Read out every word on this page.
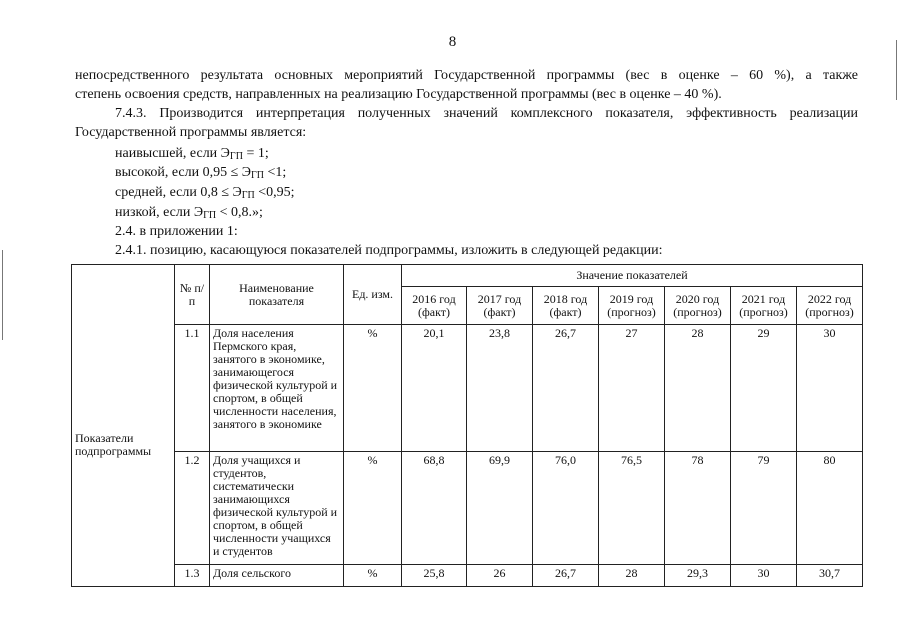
8
непосредственного результата основных мероприятий Государственной программы (вес в оценке – 60 %), а также
степень освоения средств, направленных на реализацию Государственной программы (вес в оценке – 40 %).
7.4.3. Производится интерпретация полученных значений комплексного показателя, эффективность реализации
Государственной программы является:
наивысшей, если $Э_{ГП} = 1$;
высокой, если $0,95 \le Э_{ГП} <1$;
средней, если $0,8 \le Э_{ГП} <0,95$;
низкой, если $Э_{ГП} < 0,8$.»;
2.4. в приложении 1:
2.4.1. позицию, касающуюся показателей подпрограммы, изложить в следующей редакции:
Показатели подпрограммы	№ п/п	Наименование показателя	Ед. изм.	Значение показателей						
				2016 год (факт)	2017 год (факт)	2018 год (факт)	2019 год (прогноз)	2020 год (прогноз)	2021 год (прогноз)	2022 год (прогноз)
	1.1	Доля населения Пермского края, занятого в экономике, занимающегося физической культурой и спортом, в общей численности населения, занятого в экономике	%	20,1	23,8	26,7	27	28	29	30
	1.2	Доля учащихся и студентов, систематически занимающихся физической культурой и спортом, в общей численности учащихся и студентов	%	68,8	69,9	76,0	76,5	78	79	80
	1.3	Доля сельского	%	25,8	26	26,7	28	29,3	30	30,7
